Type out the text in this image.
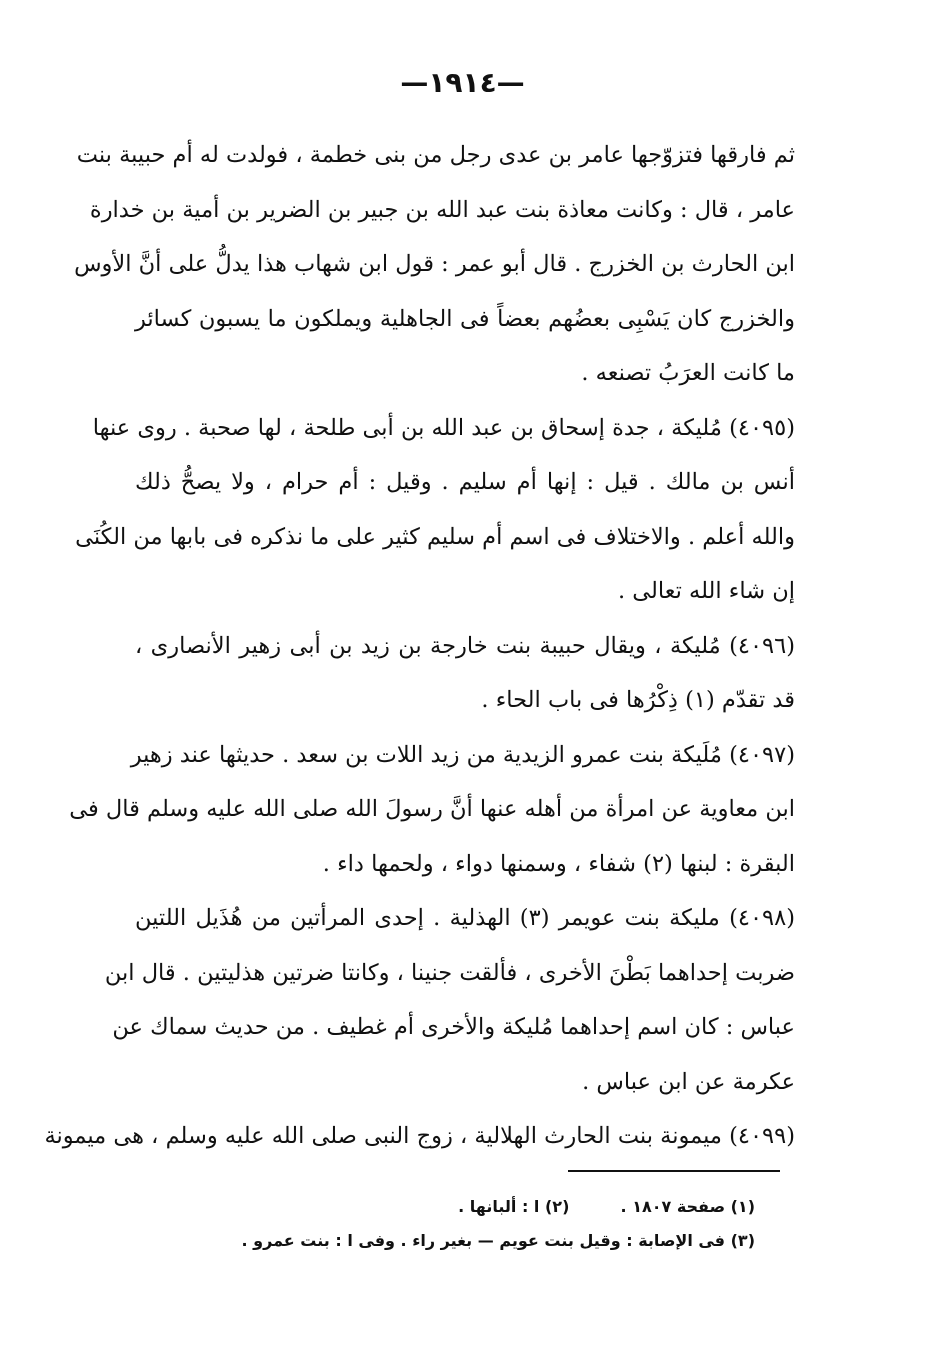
—١٩١٤—
ثم فارقها فتزوّجها عامر بن عدى رجل من بنى خطمة ، فولدت له أم حبيبة بنت
عامر ، قال : وكانت معاذة بنت عبد الله بن جبير بن الضرير بن أمية بن خدارة
ابن الحارث بن الخزرج . قال أبو عمر : قول ابن شهاب هذا يدلُّ على أنَّ الأوس
والخزرج كان يَسْبِى بعضُهم بعضاً فى الجاهلية ويملكون ما يسبون كسائر
ما كانت العرَبُ تصنعه .
(٤٠٩٥) مُليكة ، جدة إسحاق بن عبد الله بن أبى طلحة ، لها صحبة . روى عنها
أنس بن مالك . قيل : إنها أم سليم . وقيل : أم حرام ، ولا يصحُّ ذلك
والله أعلم . والاختلاف فى اسم أم سليم كثير على ما نذكره فى بابها من الكُنَى
إن شاء الله تعالى .
(٤٠٩٦) مُليكة ، ويقال حبيبة بنت خارجة بن زيد بن أبى زهير الأنصارى ،
قد تقدّم (١) ذِكْرُها فى باب الحاء .
(٤٠٩٧) مُلَيكة بنت عمرو الزيدية من زيد اللات بن سعد . حديثها عند زهير
ابن معاوية عن امرأة من أهله عنها أنَّ رسولَ الله صلى الله عليه وسلم قال فى
البقرة : لبنها (٢) شفاء ، وسمنها دواء ، ولحمها داء .
(٤٠٩٨) مليكة بنت عويمر (٣) الهذلية . إحدى المرأتين من هُذَيل اللتين
ضربت إحداهما بَطْنَ الأخرى ، فألقت جنينا ، وكانتا ضرتين هذليتين . قال ابن
عباس : كان اسم إحداهما مُليكة والأخرى أم غطيف . من حديث سماك عن
عكرمة عن ابن عباس .
(٤٠٩٩) ميمونة بنت الحارث الهلالية ، زوج النبى صلى الله عليه وسلم ، هى ميمونة
(١) صفحة ١٨٠٧ .  (٢) ا : ألبانها .
(٣) فى الإصابة : وقيل بنت عويم — بغير راء . وفى ا : بنت عمرو .
